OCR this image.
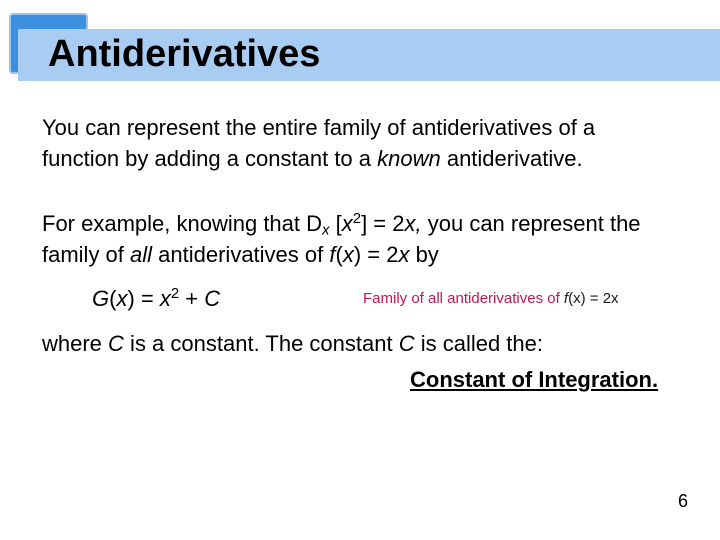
Antiderivatives

You can represent the entire family of antiderivatives of a
function by adding a constant to a known antiderivative.

For example, knowing that Dx $[x^2] = 2x$, you can represent the
family of all antiderivatives of f(x) = 2x by

$G(x) = x^2 + C$	Family of all antiderivatives of f(x) = 2x

where C is a constant. The constant C is called the:

Constant of Integration.

6
